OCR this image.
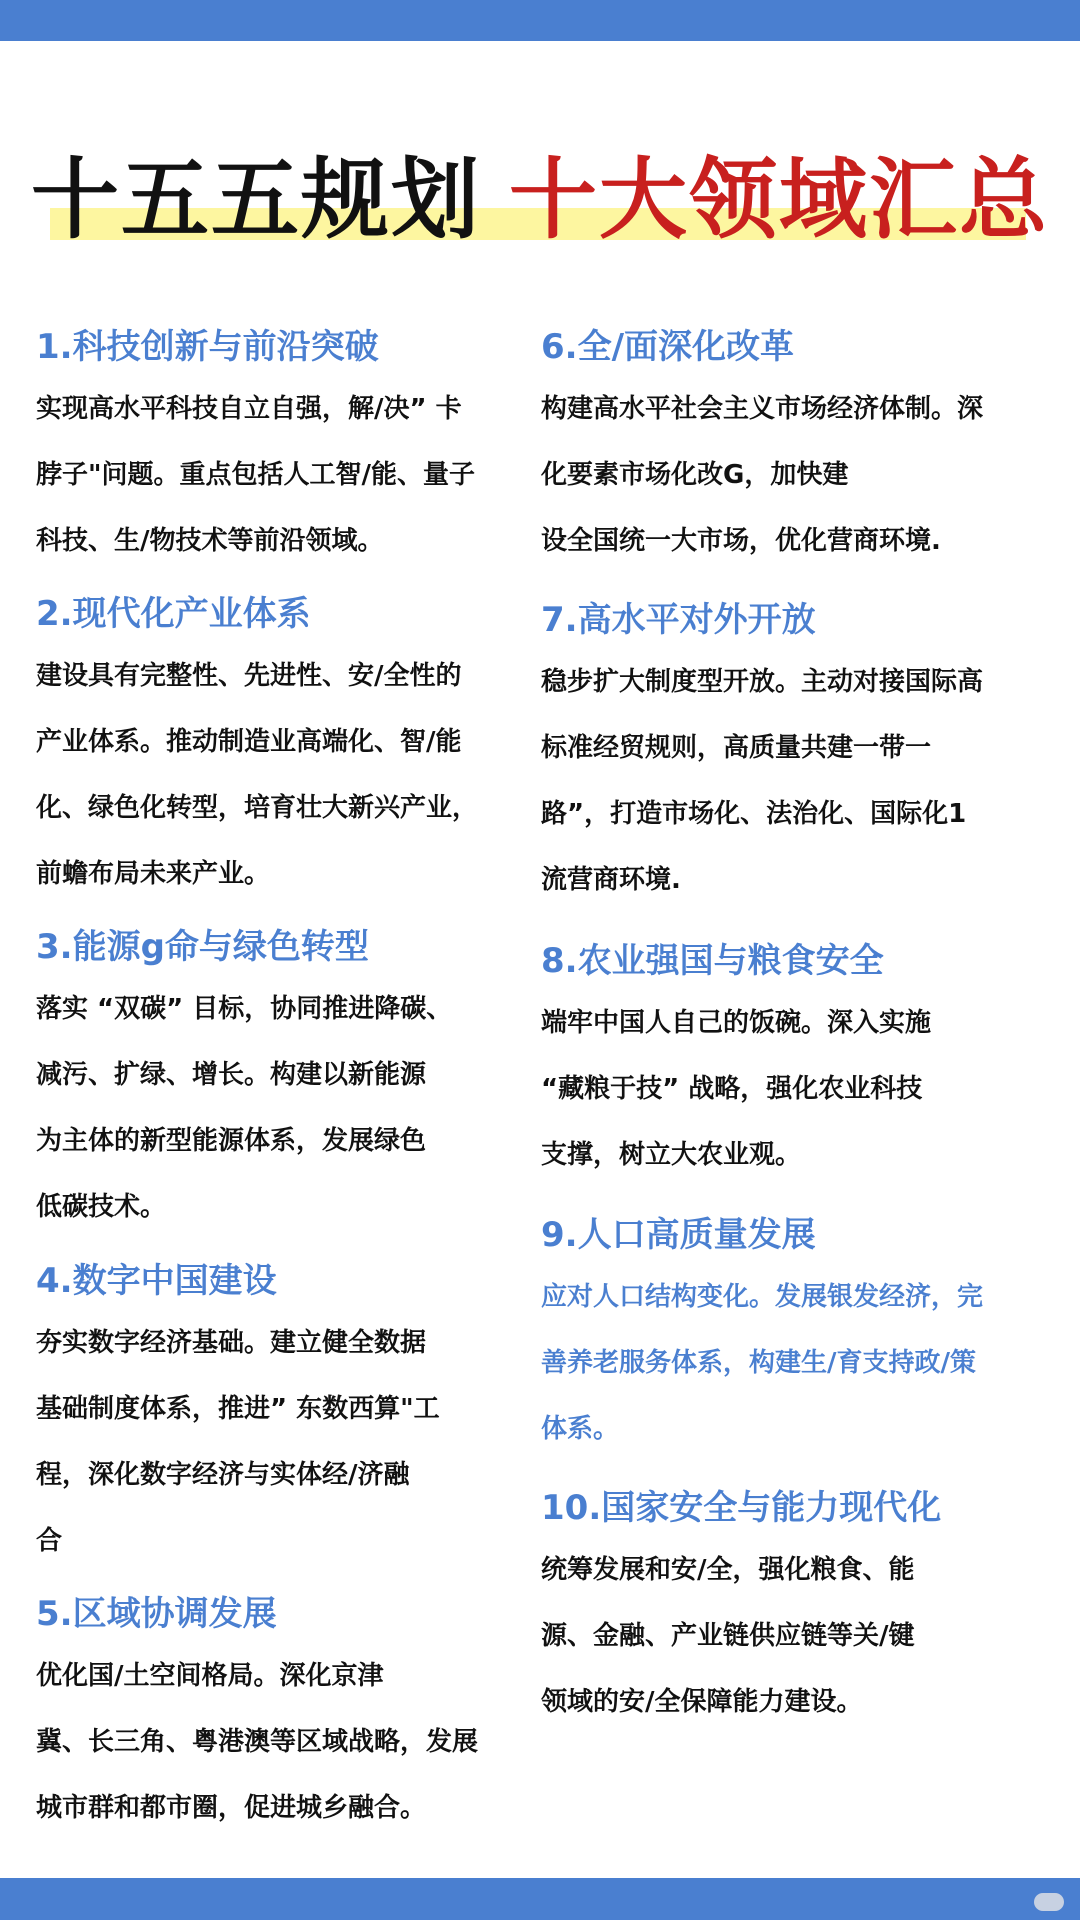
十五五规划 十大领域汇总
1.科技创新与前沿突破
实现高水平科技自立自强，解/决” 卡
脖子"问题。重点包括人工智/能、量子
科技、生/物技术等前沿领域。
2.现代化产业体系
建设具有完整性、先进性、安/全性的
产业体系。推动制造业高端化、智/能
化、绿色化转型，培育壮大新兴产业，
前蟾布局未来产业。
3.能源g命与绿色转型
落实 “双碳” 目标，协同推进降碳、
减污、扩绿、增长。构建以新能源
为主体的新型能源体系，发展绿色
低碳技术。
4.数字中国建设
夯实数字经济基础。建立健全数据
基础制度体系，推进” 东数西算"工
程，深化数字经济与实体经/济融
合
5.区域协调发展
优化国/土空间格局。深化京津
冀、长三角、粤港澳等区域战略，发展
城市群和都市圈，促进城乡融合。
6.全/面深化改革
构建高水平社会主义市场经济体制。深
化要素市场化改G，加快建
设全国统一大市场，优化营商环境.
7.高水平对外开放
稳步扩大制度型开放。主动对接国际高
标准经贸规则，高质量共建一带一
路”，打造市场化、法治化、国际化1
流营商环境.
8.农业强国与粮食安全
端牢中国人自己的饭碗。深入实施
“藏粮于技” 战略，强化农业科技
支撑，树立大农业观。
9.人口高质量发展
应对人口结构变化。发展银发经济，完
善养老服务体系，构建生/育支持政/策
体系。
10.国家安全与能力现代化
统筹发展和安/全，强化粮食、能
源、金融、产业链供应链等关/键
领域的安/全保障能力建设。
